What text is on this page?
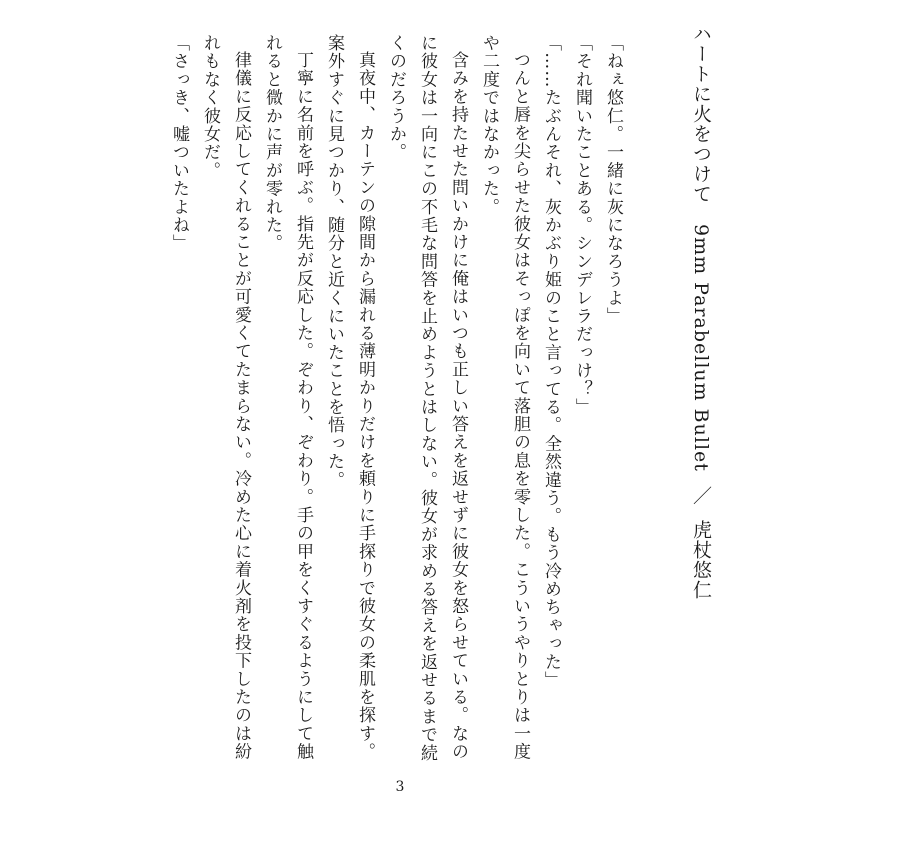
ハートに火をつけて　9mm Parabellum Bullet／虎杖悠仁

「ねぇ悠仁。一緒に灰になろうよ」

「それ聞いたことある。シンデレラだっけ？」

「……たぶんそれ、灰かぶり姫のこと言ってる。全然違う。もう冷めちゃった」

つんと唇を尖らせた彼女はそっぽを向いて落胆の息を零した。こういうやりとりは一度や二度ではなかった。

含みを持たせた問いかけに俺はいつも正しい答えを返せずに彼女を怒らせている。なのに彼女は一向にこの不毛な問答を止めようとはしない。彼女が求める答えを返せるまで続くのだろうか。

真夜中、カーテンの隙間から漏れる薄明かりだけを頼りに手探りで彼女の柔肌を探す。案外すぐに見つかり、随分と近くにいたことを悟った。

丁寧に名前を呼ぶ。指先が反応した。ぞわり、ぞわり。手の甲をくすぐるようにして触れると微かに声が零れた。

律儀に反応してくれることが可愛くてたまらない。冷めた心に着火剤を投下したのは紛れもなく彼女だ。

「さっき、嘘ついたよね」

3
